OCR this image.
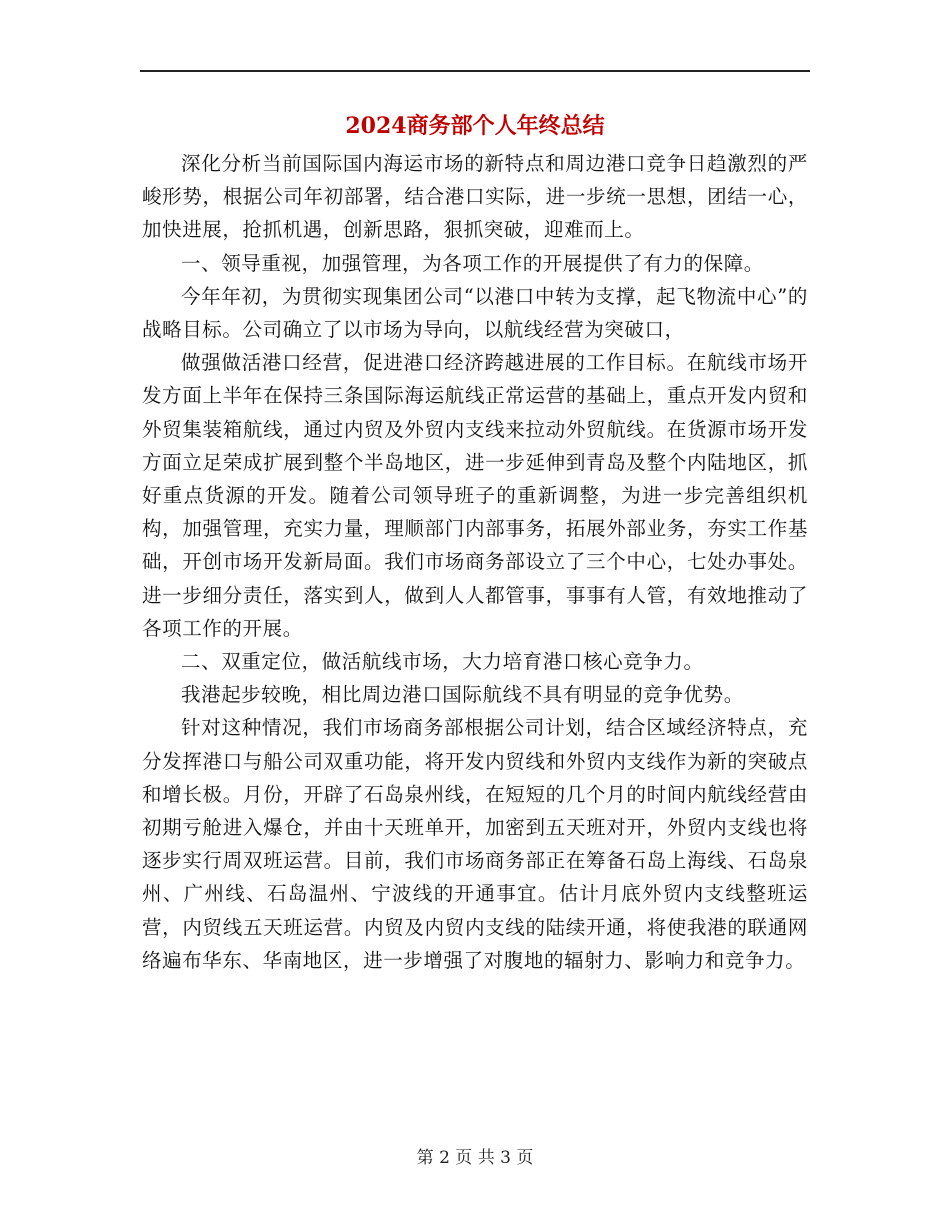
2024商务部个人年终总结

深化分析当前国际国内海运市场的新特点和周边港口竞争日趋激烈的严峻形势，根据公司年初部署，结合港口实际，进一步统一思想，团结一心，加快进展，抢抓机遇，创新思路，狠抓突破，迎难而上。

一、领导重视，加强管理，为各项工作的开展提供了有力的保障。

今年年初，为贯彻实现集团公司“以港口中转为支撑，起飞物流中心”的战略目标。公司确立了以市场为导向，以航线经营为突破口，

做强做活港口经营，促进港口经济跨越进展的工作目标。在航线市场开发方面上半年在保持三条国际海运航线正常运营的基础上，重点开发内贸和外贸集装箱航线，通过内贸及外贸内支线来拉动外贸航线。在货源市场开发方面立足荣成扩展到整个半岛地区，进一步延伸到青岛及整个内陆地区，抓好重点货源的开发。随着公司领导班子的重新调整，为进一步完善组织机构，加强管理，充实力量，理顺部门内部事务，拓展外部业务，夯实工作基础，开创市场开发新局面。我们市场商务部设立了三个中心，七处办事处。进一步细分责任，落实到人，做到人人都管事，事事有人管，有效地推动了各项工作的开展。

二、双重定位，做活航线市场，大力培育港口核心竞争力。

我港起步较晚，相比周边港口国际航线不具有明显的竞争优势。

针对这种情况，我们市场商务部根据公司计划，结合区域经济特点，充分发挥港口与船公司双重功能，将开发内贸线和外贸内支线作为新的突破点和增长极。月份，开辟了石岛泉州线，在短短的几个月的时间内航线经营由初期亏舱进入爆仓，并由十天班单开，加密到五天班对开，外贸内支线也将逐步实行周双班运营。目前，我们市场商务部正在筹备石岛上海线、石岛泉州、广州线、石岛温州、宁波线的开通事宜。估计月底外贸内支线整班运营，内贸线五天班运营。内贸及内贸内支线的陆续开通，将使我港的联通网络遍布华东、华南地区，进一步增强了对腹地的辐射力、影响力和竞争力。

第 2 页 共 3 页
